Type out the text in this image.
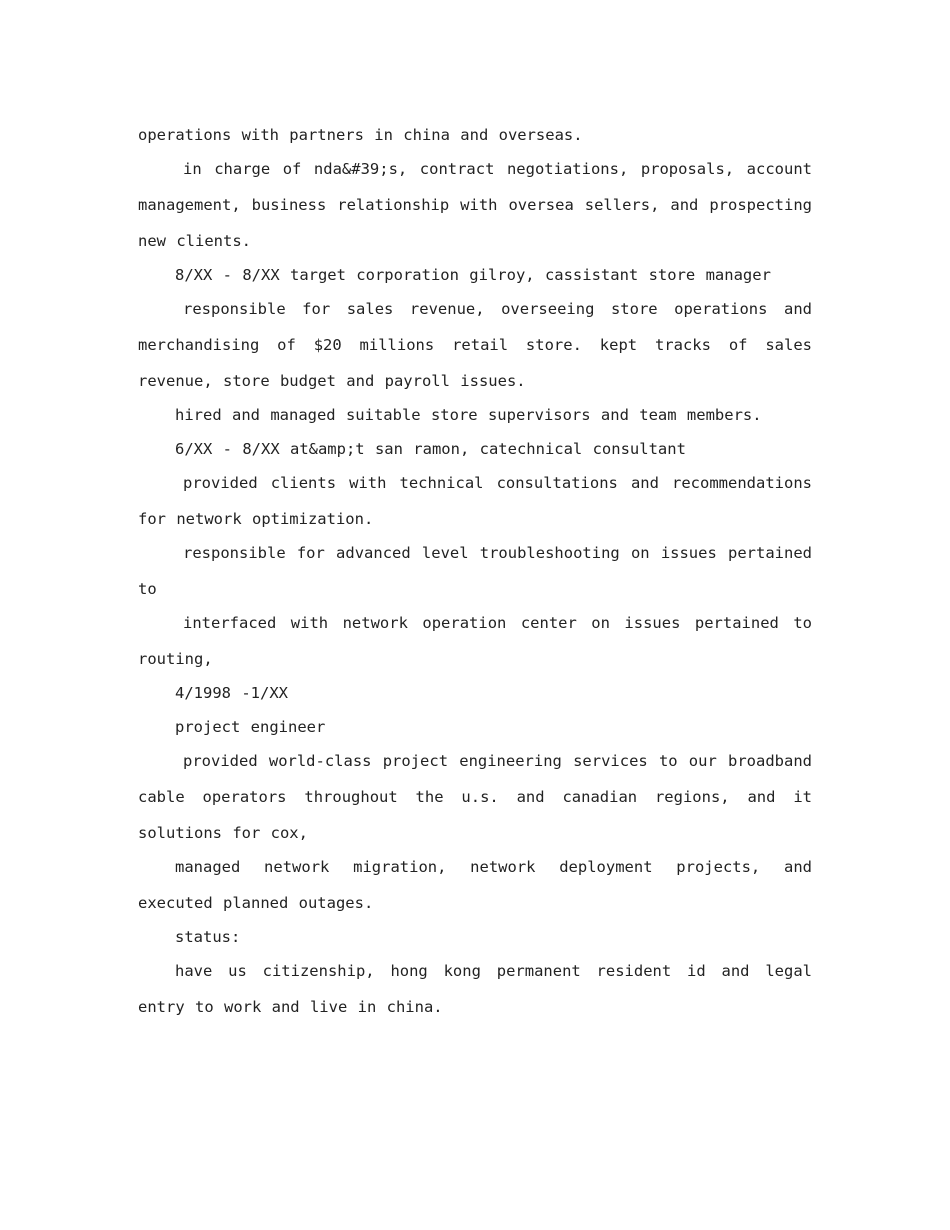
operations with partners in china and overseas.

in charge of nda&#39;s, contract negotiations, proposals, account management, business relationship with oversea sellers, and prospecting new clients.

8/XX - 8/XX target corporation gilroy, cassistant store manager

responsible for sales revenue, overseeing store operations and merchandising of $20 millions retail store. kept tracks of sales revenue, store budget and payroll issues.

hired and managed suitable store supervisors and team members.

6/XX - 8/XX at&amp;t san ramon, catechnical consultant

provided clients with technical consultations and recommendations for network optimization.

responsible for advanced level troubleshooting on issues pertained to

interfaced with network operation center on issues pertained to routing,

4/1998 -1/XX

project engineer

provided world-class project engineering services to our broadband cable operators throughout the u.s. and canadian regions, and it solutions for cox,

managed network migration, network deployment projects, and executed planned outages.

status:

have us citizenship, hong kong permanent resident id and legal entry to work and live in china.
